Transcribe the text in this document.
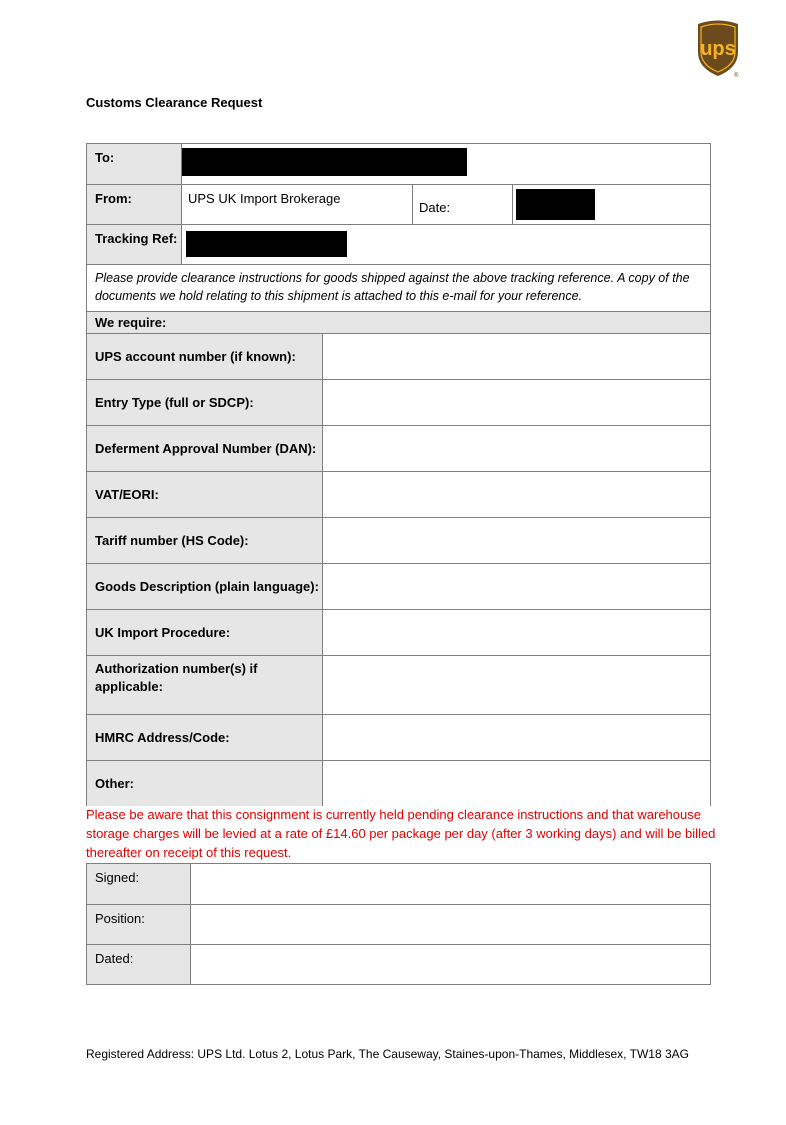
ups
®
Customs Clearance Request
To:
From:	UPS UK Import Brokerage
Date:
Tracking Ref:
Please provide clearance instructions for goods shipped against the above tracking reference. A copy of the documents we hold relating to this shipment is attached to this e-mail for your reference.
We require:
UPS account number (if known):
Entry Type (full or SDCP):
Deferment Approval Number (DAN):
VAT/EORI:
Tariff number (HS Code):
Goods Description (plain language):
UK Import Procedure:
Authorization number(s) if applicable:
HMRC Address/Code:
Other:
Please be aware that this consignment is currently held pending clearance instructions and that warehouse storage charges will be levied at a rate of £14.60 per package per day (after 3 working days) and will be billed thereafter on receipt of this request.
Signed:
Position:
Dated:
Registered Address: UPS Ltd. Lotus 2, Lotus Park, The Causeway, Staines-upon-Thames, Middlesex, TW18 3AG
